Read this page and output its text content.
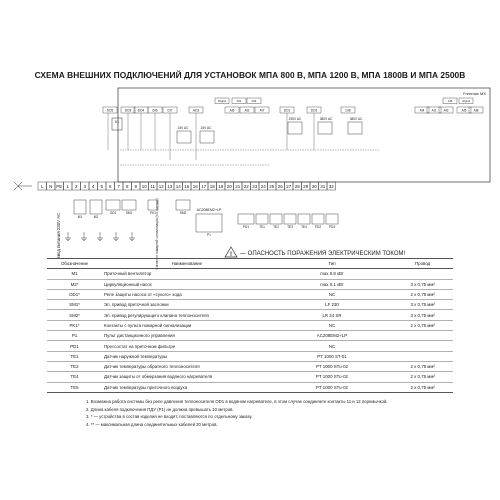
СХЕМА ВНЕШНИХ ПОДКЛЮЧЕНИЙ ДЛЯ УСТАНОВОК МПА 800 В, МПА 1200 В, МПА 1800В И МПА 2500В
Freemax MX
DO5	DO3 DO4	DI6	DI7	AO3	AI6	AI2	AI7	DO1	DO2	DI8	AI4 AI1 AI3	AI5 AI8
DIgnd	DI1	DI3	AI5	AIgnd
K1
24V AC	24V AC
230V AC	380V AC	380V AC
L N PE 1 2 3 4 5 6 7 8 9 10 11 12 13 14 15 16 17 18 19 20 21 22 23 24 25 26 27 28 29 30 31 32
Ввод питания 230V AC	Сигнал от пожарной сигнализации (н.з. контакт)
M1	M2
OD1	SM1	PK1	SM2
P1
PD1	TE1	TE2	TE3	TE4 PD2 PD3
AC208EM2+LP
! — ОПАСНОСТЬ ПОРАЖЕНИЯ ЭЛЕКТРИЧЕСКИМ ТОКОМ!
Обозначение	Наименование	Тип	Провод
M1	Приточный вентилятор	max 0.8 кВт	
M2*	Циркуляционный насос	max 0.1 кВт	3 x 0,75 мм²
OD1*	Реле защиты насоса от «сухого» хода	NC	2 x 0,75 мм²
SM1*	Эл. привод приточной заслонки	LF 230	3 x 0,75 мм²
SM2*	Эл. привод регулирующего клапана теплоносителя	LR 24 SR	3 x 0,75 мм²
PK1*	Контакты с пульта пожарной сигнализации	NC	2 x 0,75 мм²
P1	Пульт дистанционного управления	AC208EM2+LP	
PD1	Прессостат на приточном фильтре	NC	
TE1	Датчик наружной температуры	PT 1000 ST-01	
TE2	Датчик температуры обратного теплоносителя	PT 1000 STu-02	2 x 0,75 мм²
TE4	Датчик защиты от обмерзания водяного нагревателя	PT 1000 STu-02	2 x 0,75 мм²
TE5	Датчик температуры приточного воздуха	PT 1000 STu-02	2 x 0,75 мм²
1. Возможна работа системы без реле давления теплоносителя OD1 в водяном нагревателе, в этом случае соединяете контакты 11 и 12 перемычкой.
2. Длина кабеля подключения ПДУ (P1) не должна превышать 10 метров.
3. * — устройства в состав изделия не входят, поставляются по отдельному заказу.
4. ** — максимальная длина соединительных кабелей 20 метров.
